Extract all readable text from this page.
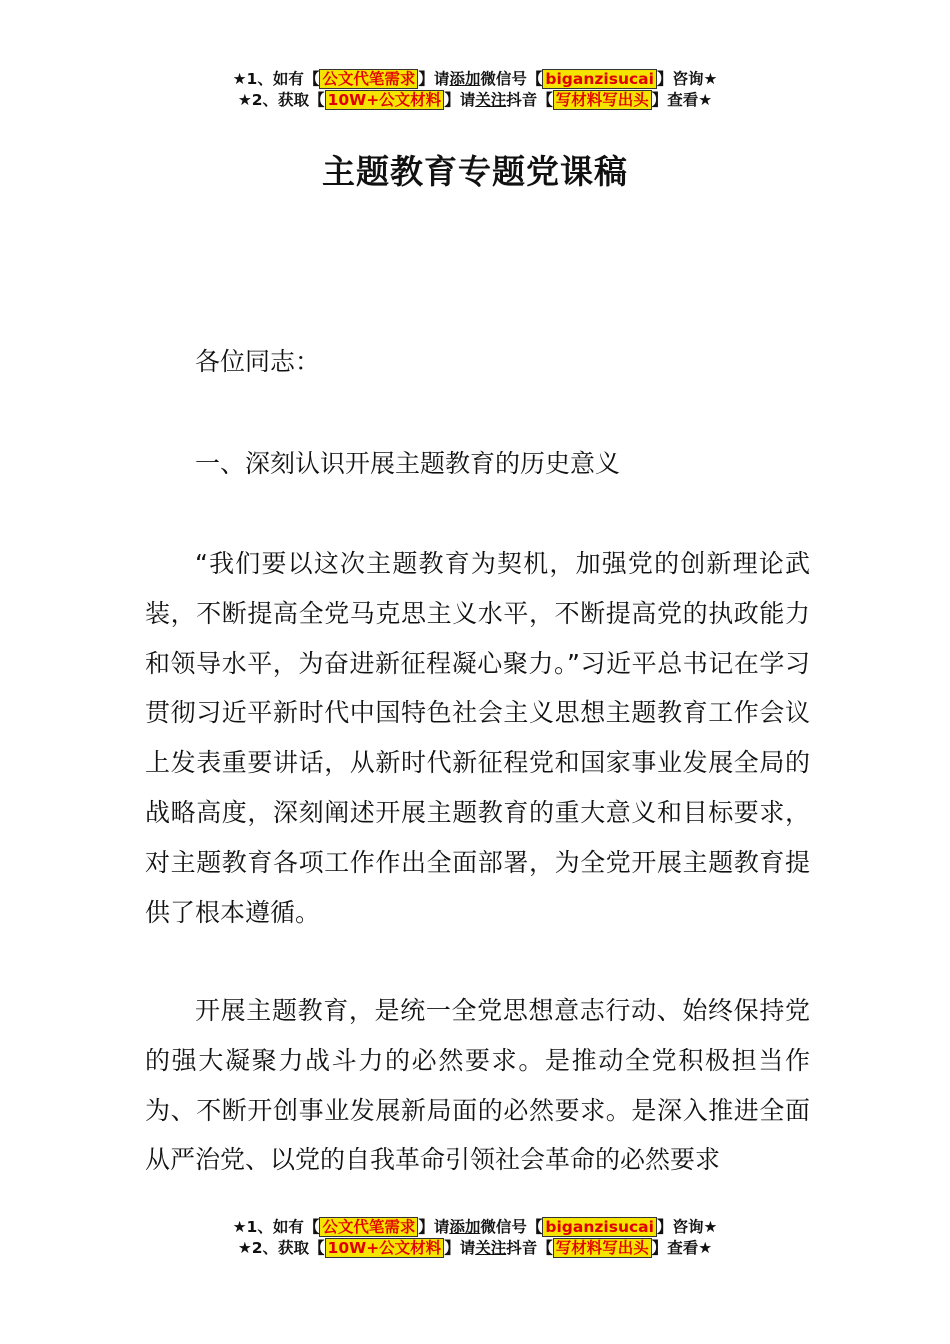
★1、如有【 公文代笔需求 】请添加微信号【 biganzisucai 】咨询★
★2、获取【 10W+公文材料 】请关注抖音【 写材料写出头 】查看★
主题教育专题党课稿

各位同志：

一、深刻认识开展主题教育的历史意义

“我们要以这次主题教育为契机，加强党的创新理论武装，不断提高全党马克思主义水平，不断提高党的执政能力和领导水平，为奋进新征程凝心聚力。”习近平总书记在学习贯彻习近平新时代中国特色社会主义思想主题教育工作会议上发表重要讲话，从新时代新征程党和国家事业发展全局的战略高度，深刻阐述开展主题教育的重大意义和目标要求，对主题教育各项工作作出全面部署，为全党开展主题教育提供了根本遵循。

开展主题教育，是统一全党思想意志行动、始终保持党的强大凝聚力战斗力的必然要求。是推动全党积极担当作为、不断开创事业发展新局面的必然要求。是深入推进全面从严治党、以党的自我革命引领社会革命的必然要求

★1、如有【 公文代笔需求 】请添加微信号【 biganzisucai 】咨询★
★2、获取【 10W+公文材料 】请关注抖音【 写材料写出头 】查看★
